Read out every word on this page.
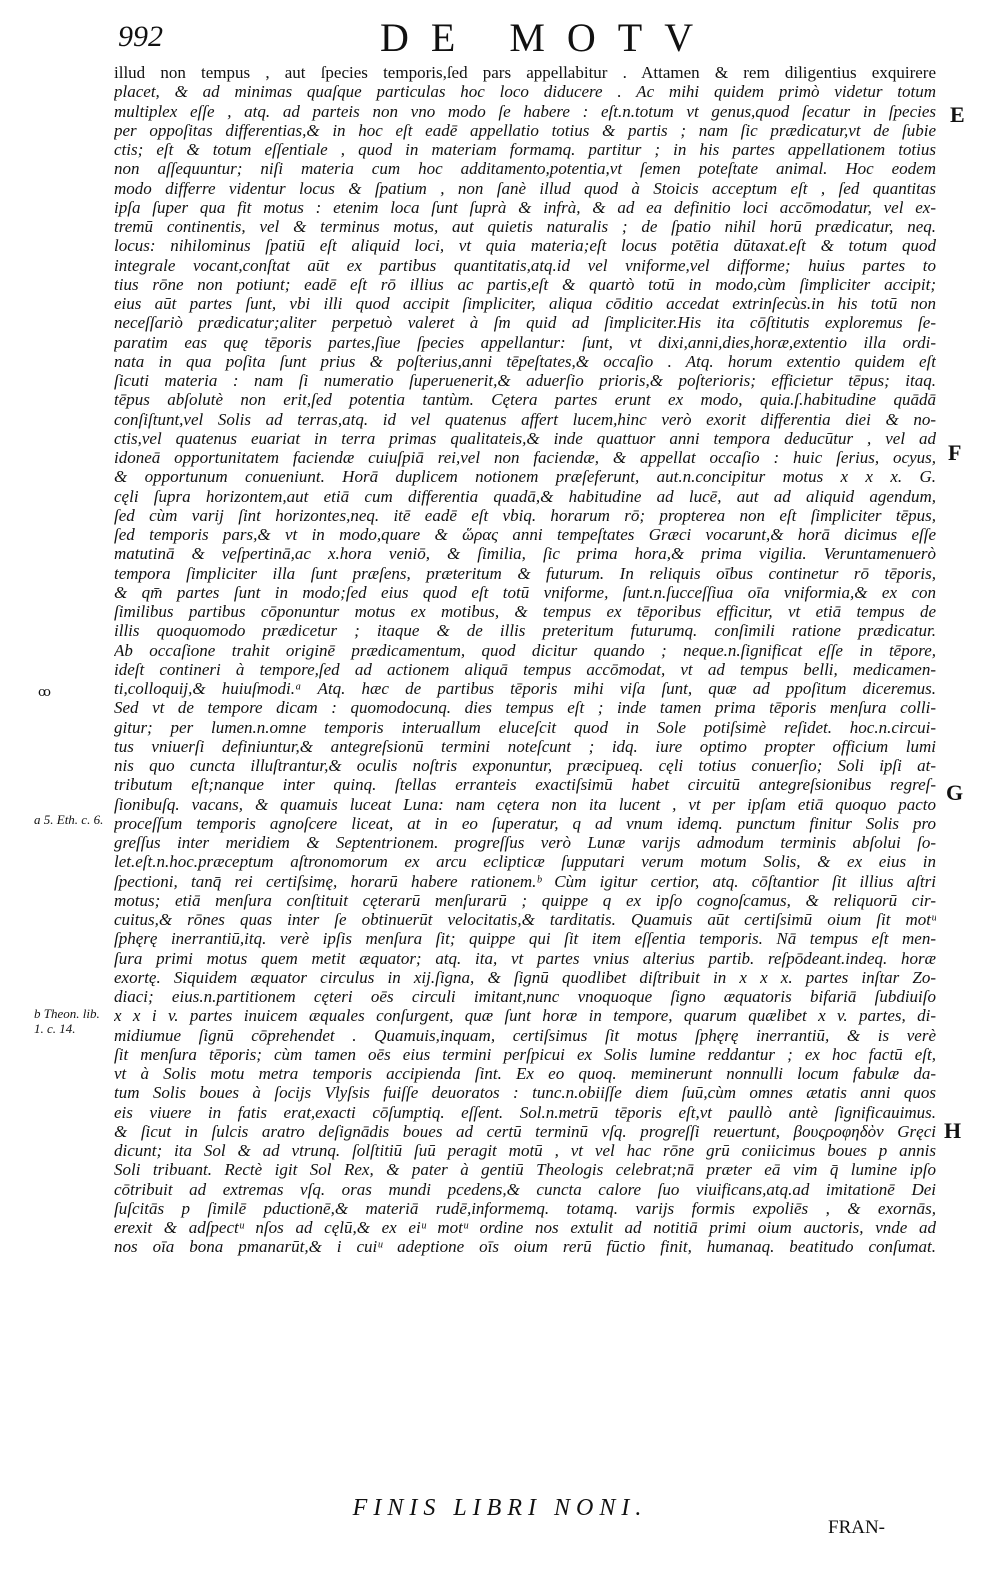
992	DE MOTV
illud non tempus , aut ſpecies temporis,ſed pars appellabitur . Attamen & rem diligentius exquirere
placet, & ad minimas quaſque particulas hoc loco diducere . Ac mihi quidem primò videtur totum
multiplex eſſe , atq. ad parteis non vno modo ſe habere : eſt.n.totum vt genus,quod ſecatur in ſpecies
per oppoſitas differentias,& in hoc eſt eadē appellatio totius & partis ; nam ſic prædicatur,vt de ſubie
ctis; eſt & totum eſſentiale , quod in materiam formamq. partitur ; in his partes appellationem totius
non aſſequuntur; niſi materia cum hoc additamento,potentia,vt ſemen poteſtate animal. Hoc eodem
modo differre videntur locus & ſpatium , non ſanè illud quod à Stoicis acceptum eſt , ſed quantitas
ipſa ſuper qua fit motus : etenim loca ſunt ſuprà & infrà, & ad ea definitio loci accōmodatur, vel ex-
tremū continentis, vel & terminus motus, aut quietis naturalis ; de ſpatio nihil horū prædicatur, neq.
locus: nihilominus ſpatiū eſt aliquid loci, vt quia materia;eſt locus potētia dūtaxat.eſt & totum quod
integrale vocant,conſtat aūt ex partibus quantitatis,atq.id vel vniforme,vel difforme; huius partes to
tius rōne non potiunt; eadē eſt rō illius ac partis,eſt & quartò totū in modo,cùm ſimpliciter accipit;
eius aūt partes ſunt, vbi illi quod accipit ſimpliciter, aliqua cōditio accedat extrinſecùs.in his totū non
neceſſariò prædicatur;aliter perpetuò valeret à ſm quid ad ſimpliciter.His ita cōſtitutis exploremus ſe-
paratim eas quę tēporis partes,ſiue ſpecies appellantur: ſunt, vt dixi,anni,dies,horæ,extentio illa ordi-
nata in qua poſita ſunt prius & poſterius,anni tēpeſtates,& occaſio . Atq. horum extentio quidem eſt
ſicuti materia : nam ſi numeratio ſuperuenerit,& aduerſio prioris,& poſterioris; efficietur tēpus; itaq.
tēpus abſolutè non erit,ſed potentia tantùm. Cętera partes erunt ex modo, quia.ſ.habitudine quādā
conſiſtunt,vel Solis ad terras,atq. id vel quatenus affert lucem,hinc verò exorit differentia diei & no-
ctis,vel quatenus euariat in terra primas qualitateis,& inde quattuor anni tempora deducūtur , vel ad
idoneā opportunitatem faciendæ cuiuſpiā rei,vel non faciendæ, & appellat occaſio : huic ſerius, ocyus,
& opportunum conueniunt. Horā duplicem notionem præſeferunt, aut.n.concipitur motus x x x. G.
cęli ſupra horizontem,aut etiā cum differentia quadā,& habitudine ad lucē, aut ad aliquid agendum,
ſed cùm varij ſint horizontes,neq. itē eadē eſt vbiq. horarum rō; propterea non eſt ſimpliciter tēpus,
ſed temporis pars,& vt in modo,quare & ὥρας anni tempeſtates Græci vocarunt,& horā dicimus eſſe
matutinā & veſpertinā,ac x.hora veniō, & ſimilia, ſic prima hora,& prima vigilia. Veruntamenuerò
tempora ſimpliciter illa ſunt præſens, præteritum & futurum. In reliquis oībus continetur rō tēporis,
& qm̄ partes ſunt in modo;ſed eius quod eſt totū vniforme, ſunt.n.ſucceſſiua oīa vniformia,& ex con
ſimilibus partibus cōponuntur motus ex motibus, & tempus ex tēporibus efficitur, vt etiā tempus de
illis quoquomodo prædicetur ; itaque & de illis preteritum futurumq. conſimili ratione prædicatur.
Ab occaſione trahit originē prædicamentum, quod dicitur quando ; neque.n.ſignificat eſſe in tēpore,
ideſt contineri à tempore,ſed ad actionem aliquā tempus accōmodat, vt ad tempus belli, medicamen-
ti,colloquij,& huiuſmodi.ᵃ Atq. hæc de partibus tēporis mihi viſa ſunt, quæ ad ppoſitum diceremus.
Sed vt de tempore dicam : quomodocunq. dies tempus eſt ; inde tamen prima tēporis menſura colli-
gitur; per lumen.n.omne temporis interuallum eluceſcit quod in Sole potiſsimè reſidet. hoc.n.circui-
tus vniuerſi definiuntur,& antegreſsionū termini noteſcunt ; idq. iure optimo propter officium lumi
nis quo cuncta illuſtrantur,& oculis noſtris exponuntur, præcipueq. cęli totius conuerſio; Soli ipſi at-
tributum eſt;nanque inter quinq. ſtellas erranteis exactiſsimū habet circuitū antegreſsionibus regreſ-
ſionibuſq. vacans, & quamuis luceat Luna: nam cętera non ita lucent , vt per ipſam etiā quoquo pacto
proceſſum temporis agnoſcere liceat, at in eo ſuperatur, q ad vnum idemq. punctum finitur Solis pro
greſſus inter meridiem & Septentrionem. progreſſus verò Lunæ varijs admodum terminis abſolui ſo-
let.eſt.n.hoc.præceptum aſtronomorum ex arcu eclipticæ ſupputari verum motum Solis, & ex eius in
ſpectioni, tanq̄ rei certiſsimę, horarū habere rationem.ᵇ Cùm igitur certior, atq. cōſtantior ſit illius aſtri
motus; etiā menſura conſtituit cęterarū menſurarū ; quippe q ex ipſo cognoſcamus, & reliquorū cir-
cuitus,& rōnes quas inter ſe obtinuerūt velocitatis,& tarditatis. Quamuis aūt certiſsimū oium ſit motᵘ
ſphęrę inerrantiū,itq. verè ipſis menſura ſit; quippe qui ſit item eſſentia temporis. Nā tempus eſt men-
ſura primi motus quem metit æquator; atq. ita, vt partes vnius alterius partib. reſpōdeant.indeq. horæ
exortę. Siquidem æquator circulus in xij.ſigna, & ſignū quodlibet diſtribuit in x x x. partes inſtar Zo-
diaci; eius.n.partitionem cęteri oēs circuli imitant,nunc vnoquoque ſigno æquatoris bifariā ſubdiuiſo
x x i v. partes inuicem æquales conſurgent, quæ ſunt horæ in tempore, quarum quælibet x v. partes, di-
midiumue ſignū cōprehendet . Quamuis,inquam, certiſsimus ſit motus ſphęrę inerrantiū, & is verè
ſit menſura tēporis; cùm tamen oēs eius termini perſpicui ex Solis lumine reddantur ; ex hoc factū eſt,
vt à Solis motu metra temporis accipienda ſint. Ex eo quoq. meminerunt nonnulli locum fabulæ da-
tum Solis boues à ſocijs Vlyſsis fuiſſe deuoratos : tunc.n.obiiſſe diem ſuū,cùm omnes ætatis anni quos
eis viuere in fatis erat,exacti cōſumptiq. eſſent. Sol.n.metrū tēporis eſt,vt paullò antè ſignificauimus.
& ſicut in ſulcis aratro deſignādis boues ad certū terminū vſq. progreſſi reuertunt, βουςροφηδὸν Gręci
dicunt; ita Sol & ad vtrunq. ſolſtitiū ſuū peragit motū , vt vel hac rōne grū coniicimus boues p annis
Soli tribuant. Rectè igit Sol Rex, & pater à gentiū Theologis celebrat;nā præter eā vim q̄ lumine ipſo
cōtribuit ad extremas vſq. oras mundi pcedens,& cuncta calore ſuo viuificans,atq.ad imitationē Dei
ſuſcitās p ſimilē pductionē,& materiā rudē,informemq. totamq. varijs formis expoliēs , & exornās,
erexit & adſpectᵘ nſos ad cęlū,& ex eiᵘ motᵘ ordine nos extulit ad notitiā primi oium auctoris, vnde ad
nos oīa bona pmanarūt,& i cuiᵘ adeptione oīs oium rerū fūctio finit, humanaq. beatitudo conſumat.
E
F
G
H
ꝏ
a 5. Eth. c. 6.
b Theon. lib. 1. c. 14.
FINIS LIBRI NONI.
FRAN-
